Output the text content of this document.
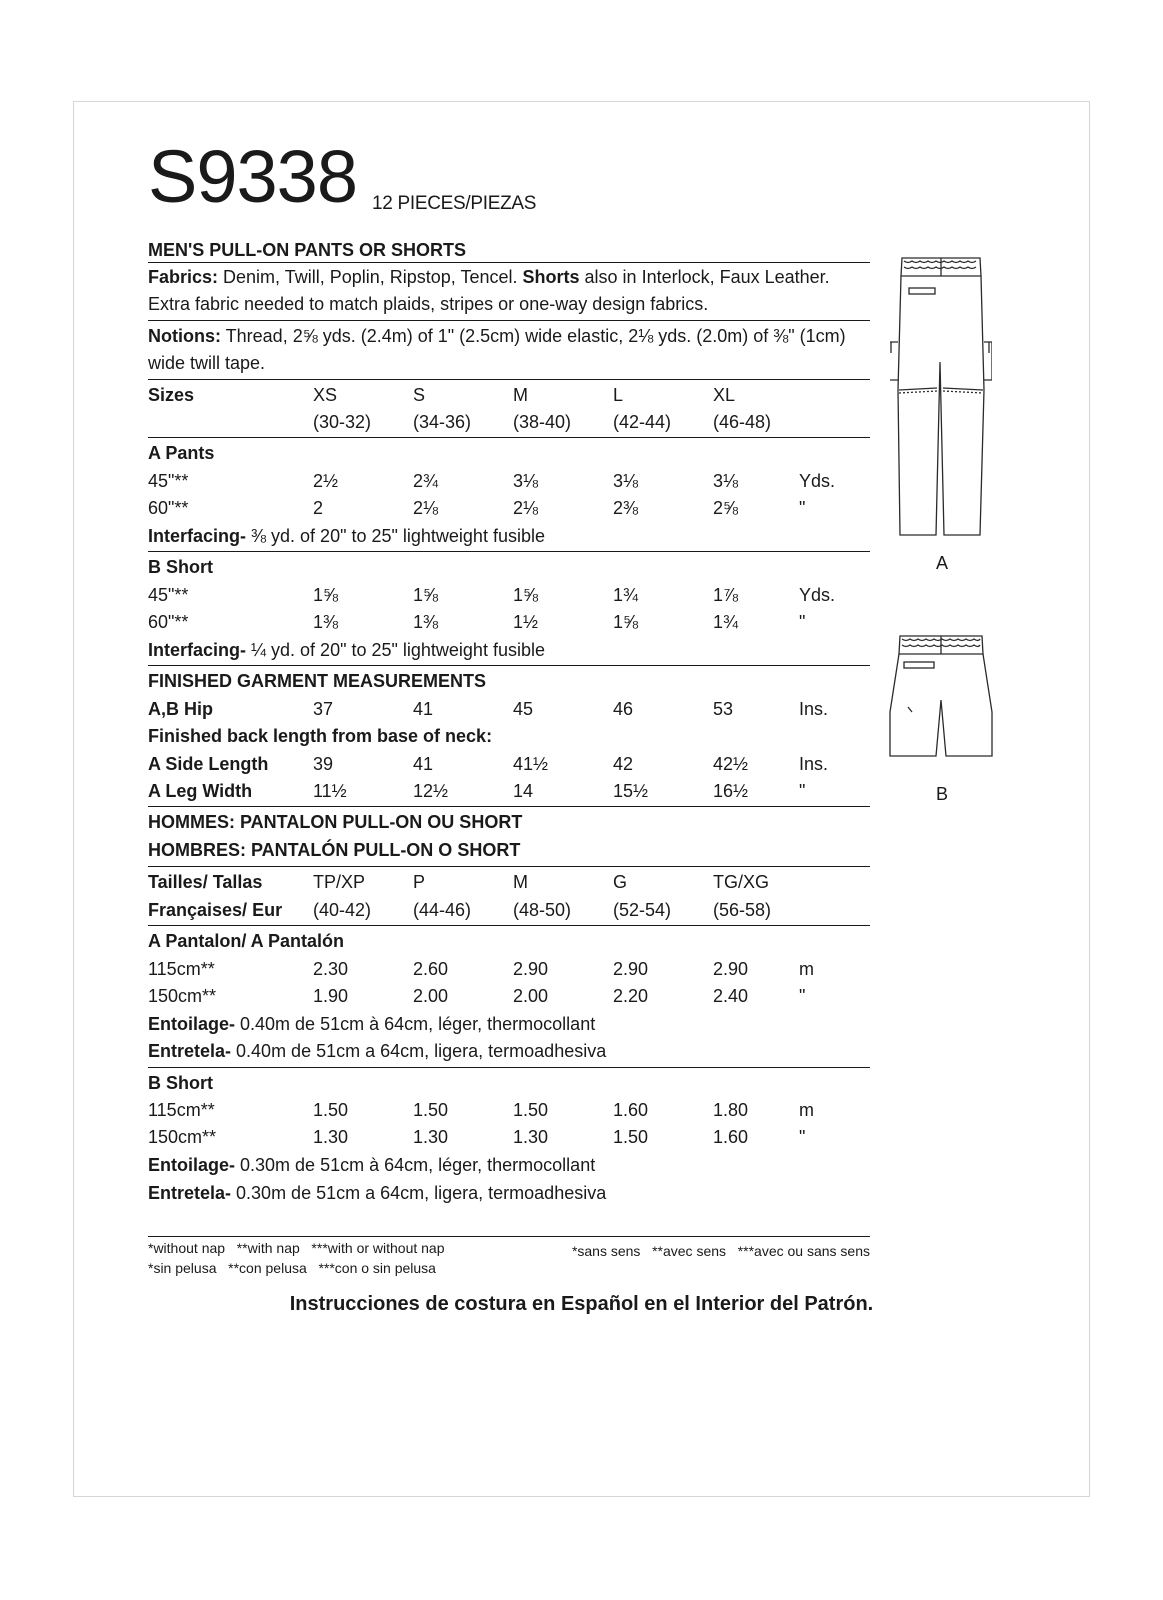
S9338 12 PIECES/PIEZAS
MEN'S PULL-ON PANTS OR SHORTS
Fabrics: Denim, Twill, Poplin, Ripstop, Tencel. Shorts also in Interlock, Faux Leather. Extra fabric needed to match plaids, stripes or one-way design fabrics.
Notions: Thread, 2⅝ yds. (2.4m) of 1" (2.5cm) wide elastic, 2⅛ yds. (2.0m) of ⅜" (1cm) wide twill tape.
Sizes	XS	S	M	L	XL
(30-32) (34-36) (38-40) (42-44) (46-48)
A Pants
45"**	2½	2¾	3⅛	3⅛	3⅛	Yds.
60"**	2	2⅛	2⅛	2⅜	2⅝	"
Interfacing- ⅜ yd. of 20" to 25" lightweight fusible
B Short
45"**	1⅝	1⅝	1⅝	1¾	1⅞	Yds.
60"**	1⅜	1⅜	1½	1⅝	1¾	"
Interfacing- ¼ yd. of 20" to 25" lightweight fusible
FINISHED GARMENT MEASUREMENTS
A,B Hip	37	41	45	46	53	Ins.
Finished back length from base of neck:
A Side Length 39	41	41½	42	42½	Ins.
A Leg Width	11½	12½	14	15½	16½	"
HOMMES: PANTALON PULL-ON OU SHORT
HOMBRES: PANTALÓN PULL-ON O SHORT
Tailles/ Tallas	TP/XP	P	M	G	TG/XG
Françaises/ Eur (40-42) (44-46) (48-50) (52-54) (56-58)
A Pantalon/ A Pantalón
115cm**	2.30	2.60	2.90	2.90	2.90	m
150cm**	1.90	2.00	2.00	2.20	2.40	"
Entoilage- 0.40m de 51cm à 64cm, léger, thermocollant
Entretela- 0.40m de 51cm a 64cm, ligera, termoadhesiva
B Short
115cm**	1.50	1.50	1.50	1.60	1.80	m
150cm**	1.30	1.30	1.30	1.50	1.60	"
Entoilage- 0.30m de 51cm à 64cm, léger, thermocollant
Entretela- 0.30m de 51cm a 64cm, ligera, termoadhesiva
*without nap   **with nap   ***with or without nap
*sin pelusa   **con pelusa   ***con o sin pelusa
*sans sens   **avec sens   ***avec ou sans sens
Instrucciones de costura en Español en el Interior del Patrón.
A
B
